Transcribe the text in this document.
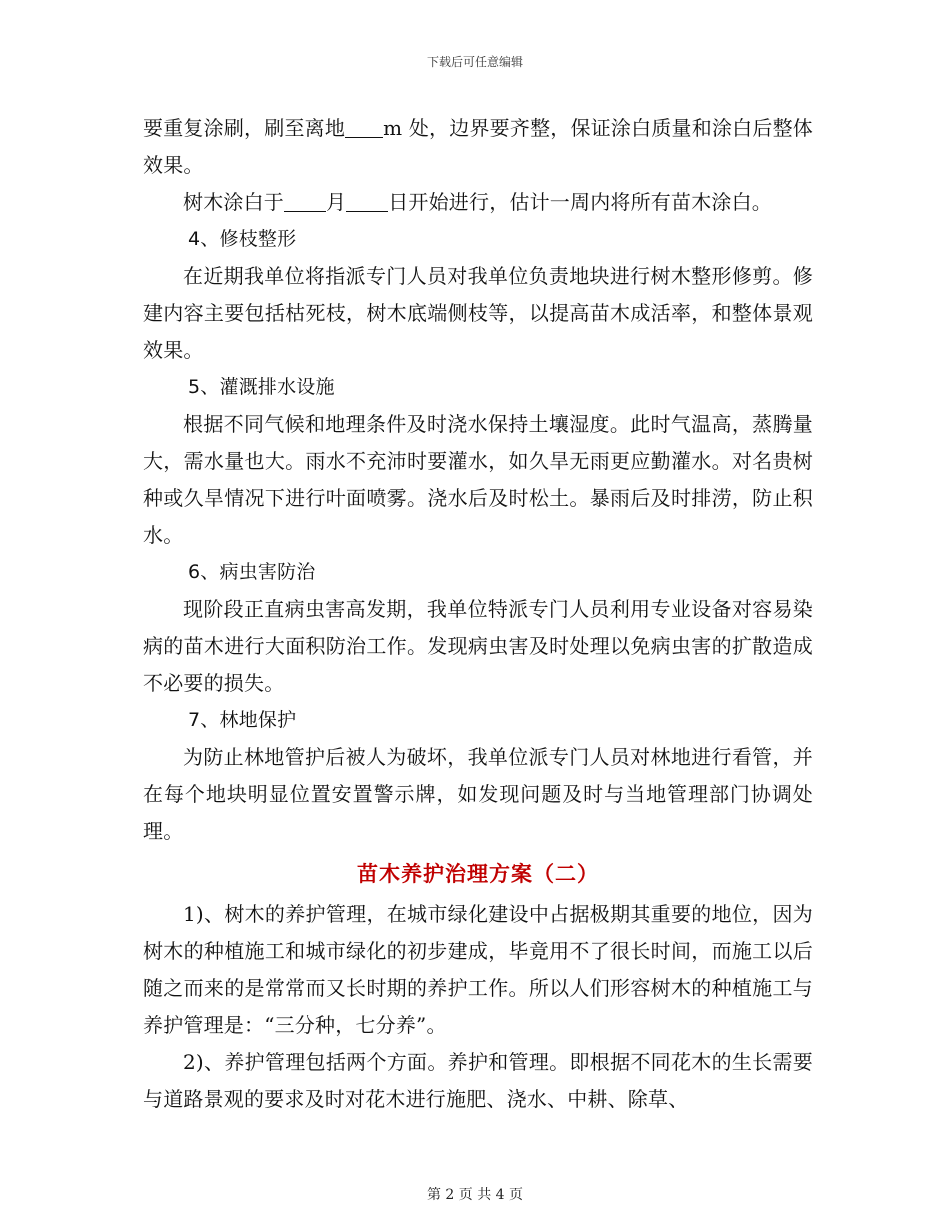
下载后可任意编辑

要重复涂刷，刷至离地 m 处，边界要齐整，保证涂白质量和涂白后整体效果。

树木涂白于 月 日开始进行，估计一周内将所有苗木涂白。

4、修枝整形

在近期我单位将指派专门人员对我单位负责地块进行树木整形修剪。修建内容主要包括枯死枝，树木底端侧枝等，以提高苗木成活率，和整体景观效果。

5、灌溉排水设施

根据不同气候和地理条件及时浇水保持土壤湿度。此时气温高，蒸腾量大，需水量也大。雨水不充沛时要灌水，如久旱无雨更应勤灌水。对名贵树种或久旱情况下进行叶面喷雾。浇水后及时松土。暴雨后及时排涝，防止积水。

6、病虫害防治

现阶段正直病虫害高发期，我单位特派专门人员利用专业设备对容易染病的苗木进行大面积防治工作。发现病虫害及时处理以免病虫害的扩散造成不必要的损失。

7、林地保护

为防止林地管护后被人为破坏，我单位派专门人员对林地进行看管，并在每个地块明显位置安置警示牌，如发现问题及时与当地管理部门协调处理。

苗木养护治理方案（二）

1)、树木的养护管理，在城市绿化建设中占据极期其重要的地位，因为树木的种植施工和城市绿化的初步建成，毕竟用不了很长时间，而施工以后随之而来的是常常而又长时期的养护工作。所以人们形容树木的种植施工与养护管理是：“三分种，七分养”。

2)、养护管理包括两个方面。养护和管理。即根据不同花木的生长需要与道路景观的要求及时对花木进行施肥、浇水、中耕、除草、

第 2 页 共 4 页
